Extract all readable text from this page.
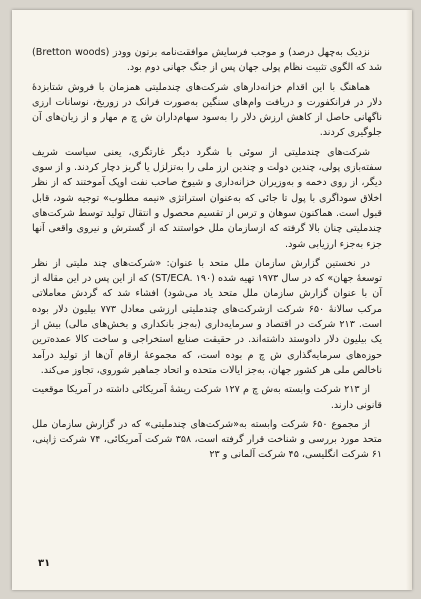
نزدیک به‌چهل درصد) و موجب فرسایش موافقت‌نامه برتون وودز (Bretton woods) شد که الگوی تثبیت نظام پولی جهان پس از جنگ جهانی دوم بود.

هماهنگ با این اقدام خزانه‌دارهای شرکت‌های چندملیتی همزمان با فروش شتابزدهٔ دلار در فرانکفورت و دریافت وام‌های سنگین به‌صورت فرانک در زوریخ، نوسانات ارزی ناگهانی حاصل از کاهش ارزش دلار را به‌سود سهام‌داران ش چ م مهار و از زیان‌های آن جلوگیری کردند.

شرکت‌های چندملیتی از سوئی با شگرد دیگر غارتگری، یعنی سیاست شریف سفته‌بازی پولی، چندین دولت و چندین ارز ملی را به‌تزلزل یا گریز دچار کردند. و از سوی دیگر، از روی دخمه و به‌وزیران خزانه‌داری و شیوخ صاحب نفت اوپک آموختند که از نظر اخلاق سوداگری با پول تا جائی که به‌عنوان استراتژی «نیمه مطلوب» توجیه شود، قابل قبول است. هماکنون سوهان و ترس از تقسیم محصول و انتقال تولید توسط شرکت‌های چندملیتی چنان بالا گرفته که ازسازمان ملل خواستند که از گسترش و نیروی واقعی آنها جزء به‌جزء ارزیابی شود.

در نخستین گزارش سازمان ملل متحد با عنوان: «شرکت‌های چند ملیتی از نظر توسعهٔ جهان» که در سال ۱۹۷۳ تهیه شده (ST/ECA. ۱۹۰) که از این پس در این مقاله از آن با عنوان گزارش سازمان ملل متحد یاد می‌شود) افشاء شد که گردش معاملاتی مرکب سالانهٔ ۶۵۰ شرکت ازشرکت‌های چندملیتی ارزشی معادل ۷۷۳ بیلیون دلار بوده است. ۲۱۳ شرکت در اقتصاد و سرمایه‌داری (به‌جز بانکداری و بخش‌های مالی) بیش از یک بیلیون دلار دادوستد داشته‌اند. در حقیقت صنایع استخراجی و ساخت کالا عمده‌ترین حوزه‌های سرمایه‌گذاری ش چ م بوده است، که مجموعهٔ ارقام آن‌ها از تولید درآمد ناخالص ملی هر کشور جهان، به‌جز ایالات متحده و اتحاد جماهیر شوروی، تجاوز می‌کند.

از ۲۱۳ شرکت وابسته به‌ش چ م ۱۲۷ شرکت ریشهٔ آمریکائی داشته در آمریکا موقعیت قانونی دارند.

از مجموع ۶۵۰ شرکت وابسته به«شرکت‌های چندملیتی» که در گزارش سازمان ملل متحد مورد بررسی و شناخت قرار گرفته است، ۳۵۸ شرکت آمریکائی، ۷۴ شرکت ژاپنی، ۶۱ شرکت انگلیسی، ۴۵ شرکت آلمانی و ۲۳

۳۱
